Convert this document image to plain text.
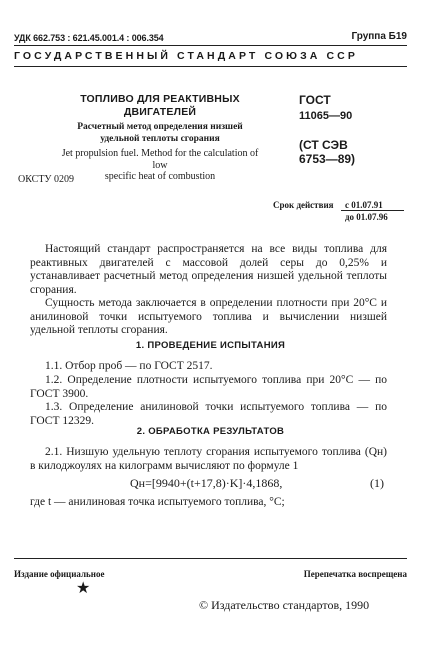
УДК 662.753 : 621.45.001.4 : 006.354	Группа Б19
ГОСУДАРСТВЕННЫЙ СТАНДАРТ СОЮЗА ССР
ТОПЛИВО ДЛЯ РЕАКТИВНЫХ
ДВИГАТЕЛЕЙ
Расчетный метод определения низшей
удельной теплоты сгорания
Jet propulsion fuel. Method for the calculation of low
specific heat of combustion
ОКСТУ 0209
ГОСТ
11065—90
(СТ СЭВ
6753—89)
Срок действия с 01.07.91
до 01.07.96
Настоящий стандарт распространяется на все виды топлива для реактивных двигателей с массовой долей серы до 0,25% и устанавливает расчетный метод определения низшей удельной теплоты сгорания.
Сущность метода заключается в определении плотности при 20°С и анилиновой точки испытуемого топлива и вычислении низшей удельной теплоты сгорания.
1. ПРОВЕДЕНИЕ ИСПЫТАНИЯ
1.1. Отбор проб — по ГОСТ 2517.
1.2. Определение плотности испытуемого топлива при 20°С — по ГОСТ 3900.
1.3. Определение анилиновой точки испытуемого топлива — по ГОСТ 12329.
2. ОБРАБОТКА РЕЗУЛЬТАТОВ
2.1. Низшую удельную теплоту сгорания испытуемого топлива (Qн) в килоджоулях на килограмм вычисляют по формуле 1
Qн=[9940+(t+17,8)·K]·4,1868,	(1)
где t — анилиновая точка испытуемого топлива, °С;
Издание официальное	Перепечатка воспрещена
★
© Издательство стандартов, 1990
